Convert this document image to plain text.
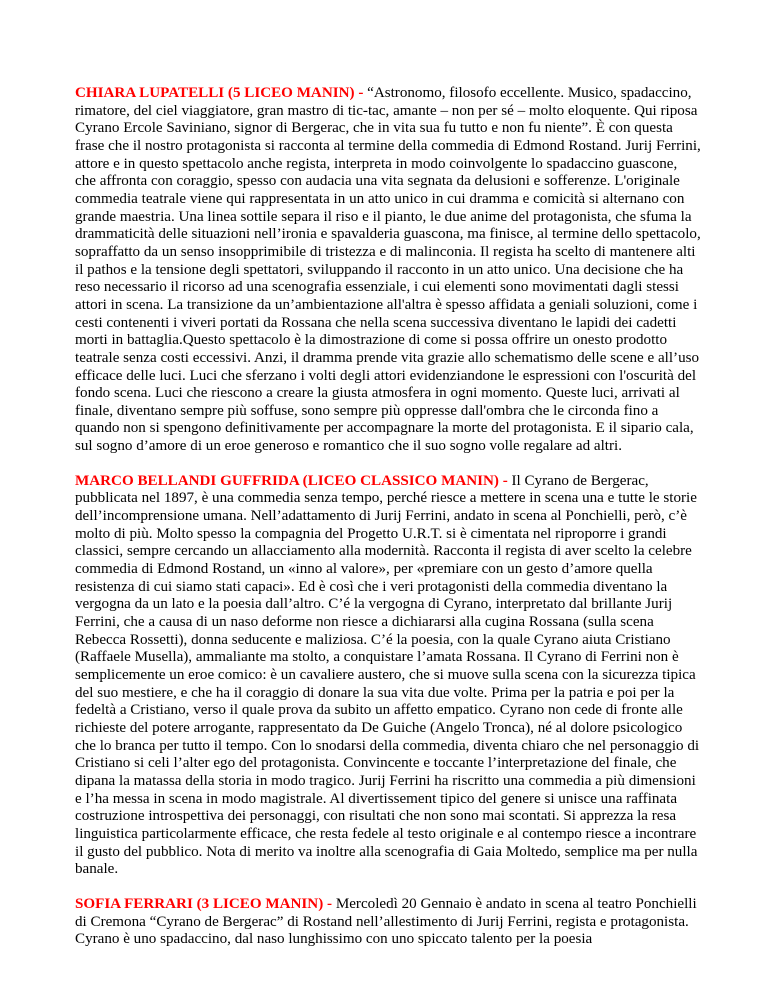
CHIARA LUPATELLI (5 LICEO MANIN) - “Astronomo, filosofo eccellente. Musico, spadaccino, rimatore, del ciel viaggiatore, gran mastro di tic-tac, amante – non per sé – molto eloquente. Qui riposa Cyrano Ercole Saviniano, signor di Bergerac, che in vita sua fu tutto e non fu niente”. È con questa frase che il nostro protagonista si racconta al termine della commedia di Edmond Rostand. Jurij Ferrini, attore e in questo spettacolo anche regista, interpreta in modo coinvolgente lo spadaccino guascone, che affronta con coraggio, spesso con audacia una vita segnata da delusioni e sofferenze. L'originale commedia teatrale viene qui rappresentata in un atto unico in cui dramma e comicità si alternano con grande maestria. Una linea sottile separa il riso e il pianto, le due anime del protagonista, che sfuma la drammaticità delle situazioni nell’ironia e spavalderia guascona, ma finisce, al termine dello spettacolo, sopraffatto da un senso insopprimibile di tristezza e di malinconia. Il regista ha scelto di mantenere alti il pathos e la tensione degli spettatori, sviluppando il racconto in un atto unico. Una decisione che ha reso necessario il ricorso ad una scenografia essenziale, i cui elementi sono movimentati dagli stessi attori in scena. La transizione da un’ambientazione all'altra è spesso affidata a geniali soluzioni, come i cesti contenenti i viveri portati da Rossana che nella scena successiva diventano le lapidi dei cadetti morti in battaglia.Questo spettacolo è la dimostrazione di come si possa offrire un onesto prodotto teatrale senza costi eccessivi. Anzi, il dramma prende vita grazie allo schematismo delle scene e all’uso efficace delle luci. Luci che sferzano i volti degli attori evidenziandone le espressioni con l'oscurità del fondo scena. Luci che riescono a creare la giusta atmosfera in ogni momento. Queste luci, arrivati al finale, diventano sempre più soffuse, sono sempre più oppresse dall'ombra che le circonda fino a quando non si spengono definitivamente per accompagnare la morte del protagonista. E il sipario cala, sul sogno d’amore di un eroe generoso e romantico che il suo sogno volle regalare ad altri.

MARCO BELLANDI GUFFRIDA (LICEO CLASSICO MANIN) - Il Cyrano de Bergerac, pubblicata nel 1897, è una commedia senza tempo, perché riesce a mettere in scena una e tutte le storie dell’incomprensione umana. Nell’adattamento di Jurij Ferrini, andato in scena al Ponchielli, però, c’è molto di più. Molto spesso la compagnia del Progetto U.R.T. si è cimentata nel riproporre i grandi classici, sempre cercando un allacciamento alla modernità. Racconta il regista di aver scelto la celebre commedia di Edmond Rostand, un «inno al valore», per «premiare con un gesto d’amore quella resistenza di cui siamo stati capaci». Ed è così che i veri protagonisti della commedia diventano la vergogna da un lato e la poesia dall’altro. C’é la vergogna di Cyrano, interpretato dal brillante Jurij Ferrini, che a causa di un naso deforme non riesce a dichiararsi alla cugina Rossana (sulla scena Rebecca Rossetti), donna seducente e maliziosa. C’é la poesia, con la quale Cyrano aiuta Cristiano (Raffaele Musella), ammaliante ma stolto, a conquistare l’amata Rossana. Il Cyrano di Ferrini non è semplicemente un eroe comico: è un cavaliere austero, che si muove sulla scena con la sicurezza tipica del suo mestiere, e che ha il coraggio di donare la sua vita due volte. Prima per la patria e poi per la fedeltà a Cristiano, verso il quale prova da subito un affetto empatico. Cyrano non cede di fronte alle richieste del potere arrogante, rappresentato da De Guiche (Angelo Tronca), né al dolore psicologico che lo branca per tutto il tempo. Con lo snodarsi della commedia, diventa chiaro che nel personaggio di Cristiano si celi l’alter ego del protagonista. Convincente e toccante l’interpretazione del finale, che dipana la matassa della storia in modo tragico. Jurij Ferrini ha riscritto una commedia a più dimensioni e l’ha messa in scena in modo magistrale. Al divertissement tipico del genere si unisce una raffinata costruzione introspettiva dei personaggi, con risultati che non sono mai scontati. Si apprezza la resa linguistica particolarmente efficace, che resta fedele al testo originale e al contempo riesce a incontrare il gusto del pubblico. Nota di merito va inoltre alla scenografia di Gaia Moltedo, semplice ma per nulla banale.

SOFIA FERRARI (3 LICEO MANIN) - Mercoledì 20 Gennaio è andato in scena al teatro Ponchielli di Cremona “Cyrano de Bergerac” di Rostand nell’allestimento di Jurij Ferrini, regista e protagonista. Cyrano è uno spadaccino, dal naso lunghissimo con uno spiccato talento per la poesia
